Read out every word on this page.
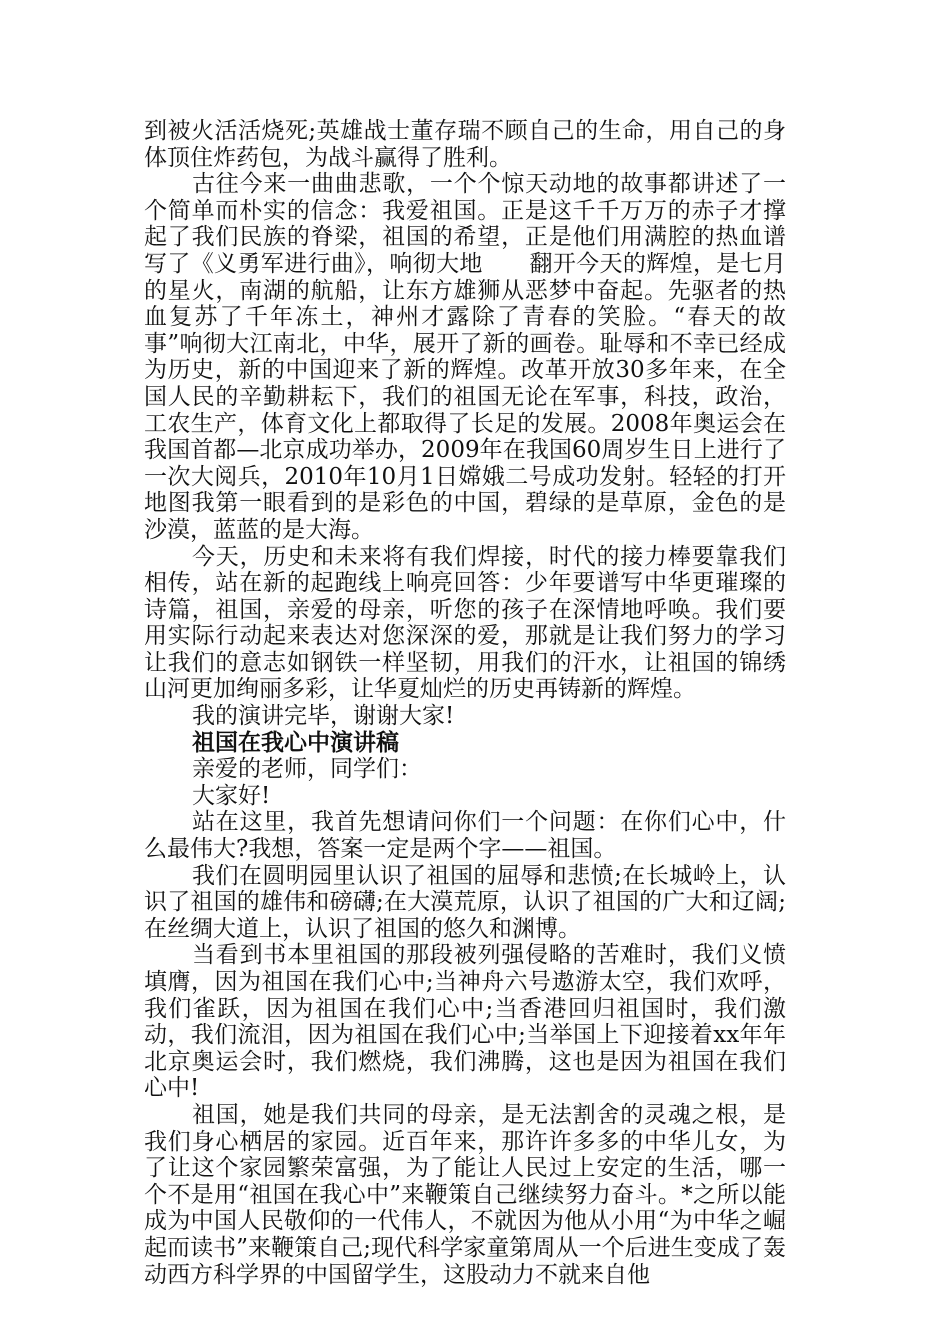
到被火活活烧死;英雄战士董存瑞不顾自己的生命，用自己的身体顶住炸药包，为战斗赢得了胜利。

古往今来一曲曲悲歌，一个个惊天动地的故事都讲述了一个简单而朴实的信念：我爱祖国。正是这千千万万的赤子才撑起了我们民族的脊梁，祖国的希望，正是他们用满腔的热血谱写了《义勇军进行曲》，响彻大地　　翻开今天的辉煌，是七月的星火，南湖的航船，让东方雄狮从恶梦中奋起。先驱者的热血复苏了千年冻土，神州才露除了青春的笑脸。“春天的故事”响彻大江南北，中华，展开了新的画卷。耻辱和不幸已经成为历史，新的中国迎来了新的辉煌。改革开放30多年来，在全国人民的辛勤耕耘下，我们的祖国无论在军事，科技，政治，工农生产，体育文化上都取得了长足的发展。2008年奥运会在我国首都—北京成功举办，2009年在我国60周岁生日上进行了一次大阅兵，2010年10月1日嫦娥二号成功发射。轻轻的打开地图我第一眼看到的是彩色的中国，碧绿的是草原，金色的是沙漠，蓝蓝的是大海。

今天，历史和未来将有我们焊接，时代的接力棒要靠我们相传，站在新的起跑线上响亮回答：少年要谱写中华更璀璨的诗篇，祖国，亲爱的母亲，听您的孩子在深情地呼唤。我们要用实际行动起来表达对您深深的爱，那就是让我们努力的学习让我们的意志如钢铁一样坚韧，用我们的汗水，让祖国的锦绣山河更加绚丽多彩，让华夏灿烂的历史再铸新的辉煌。

我的演讲完毕，谢谢大家!

祖国在我心中演讲稿

亲爱的老师，同学们：

大家好!

站在这里，我首先想请问你们一个问题：在你们心中，什么最伟大?我想，答案一定是两个字——祖国。

我们在圆明园里认识了祖国的屈辱和悲愤;在长城岭上，认识了祖国的雄伟和磅礴;在大漠荒原，认识了祖国的广大和辽阔;在丝绸大道上，认识了祖国的悠久和渊博。

当看到书本里祖国的那段被列强侵略的苦难时，我们义愤填膺，因为祖国在我们心中;当神舟六号遨游太空，我们欢呼，我们雀跃，因为祖国在我们心中;当香港回归祖国时，我们激动，我们流泪，因为祖国在我们心中;当举国上下迎接着xx年年北京奥运会时，我们燃烧，我们沸腾，这也是因为祖国在我们心中!

祖国，她是我们共同的母亲，是无法割舍的灵魂之根，是我们身心栖居的家园。近百年来，那许许多多的中华儿女，为了让这个家园繁荣富强，为了能让人民过上安定的生活，哪一个不是用“祖国在我心中”来鞭策自己继续努力奋斗。*之所以能成为中国人民敬仰的一代伟人，不就因为他从小用“为中华之崛起而读书”来鞭策自己;现代科学家童第周从一个后进生变成了轰动西方科学界的中国留学生，这股动力不就来自他
